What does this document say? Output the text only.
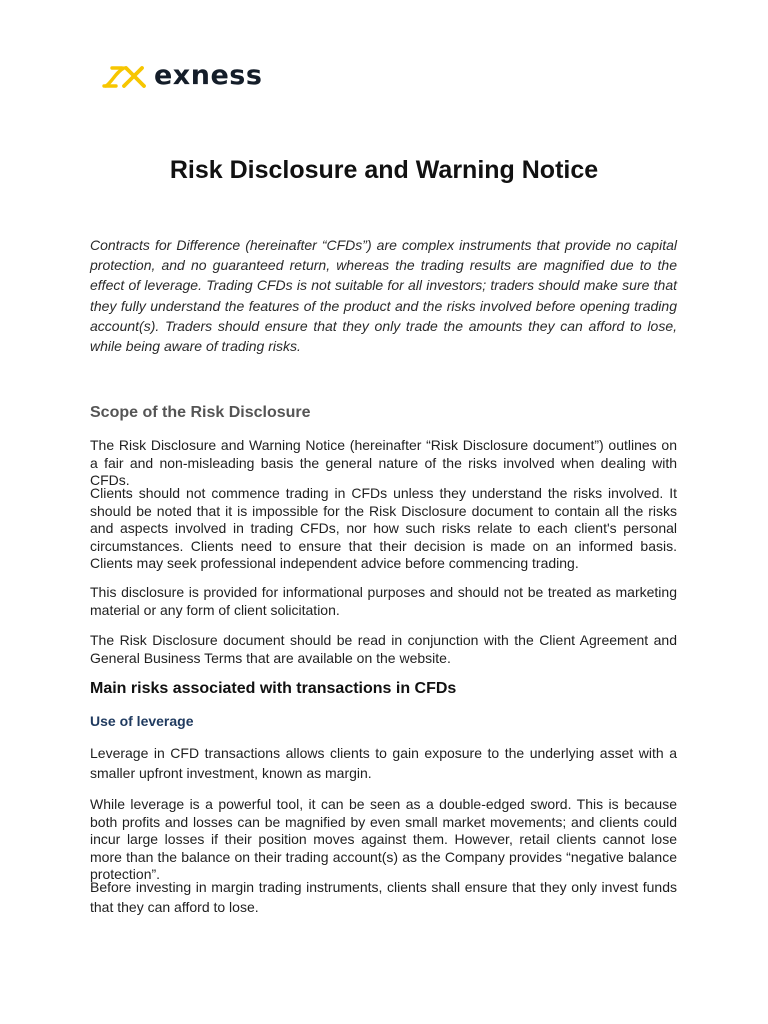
exness
Risk Disclosure and Warning Notice

Contracts for Difference (hereinafter “CFDs”) are complex instruments that provide no capital protection, and no guaranteed return, whereas the trading results are magnified due to the effect of leverage. Trading CFDs is not suitable for all investors; traders should make sure that they fully understand the features of the product and the risks involved before opening trading account(s). Traders should ensure that they only trade the amounts they can afford to lose, while being aware of trading risks.

Scope of the Risk Disclosure

The Risk Disclosure and Warning Notice (hereinafter “Risk Disclosure document”) outlines on a fair and non-misleading basis the general nature of the risks involved when dealing with CFDs.

Clients should not commence trading in CFDs unless they understand the risks involved. It should be noted that it is impossible for the Risk Disclosure document to contain all the risks and aspects involved in trading CFDs, nor how such risks relate to each client's personal circumstances. Clients need to ensure that their decision is made on an informed basis. Clients may seek professional independent advice before commencing trading.

This disclosure is provided for informational purposes and should not be treated as marketing material or any form of client solicitation.

The Risk Disclosure document should be read in conjunction with the Client Agreement and General Business Terms that are available on the website.

Main risks associated with transactions in CFDs
Use of leverage

Leverage in CFD transactions allows clients to gain exposure to the underlying asset with a smaller upfront investment, known as margin.

While leverage is a powerful tool, it can be seen as a double-edged sword. This is because both profits and losses can be magnified by even small market movements; and clients could incur large losses if their position moves against them. However, retail clients cannot lose more than the balance on their trading account(s) as the Company provides “negative balance protection”.

Before investing in margin trading instruments, clients shall ensure that they only invest funds that they can afford to lose.
